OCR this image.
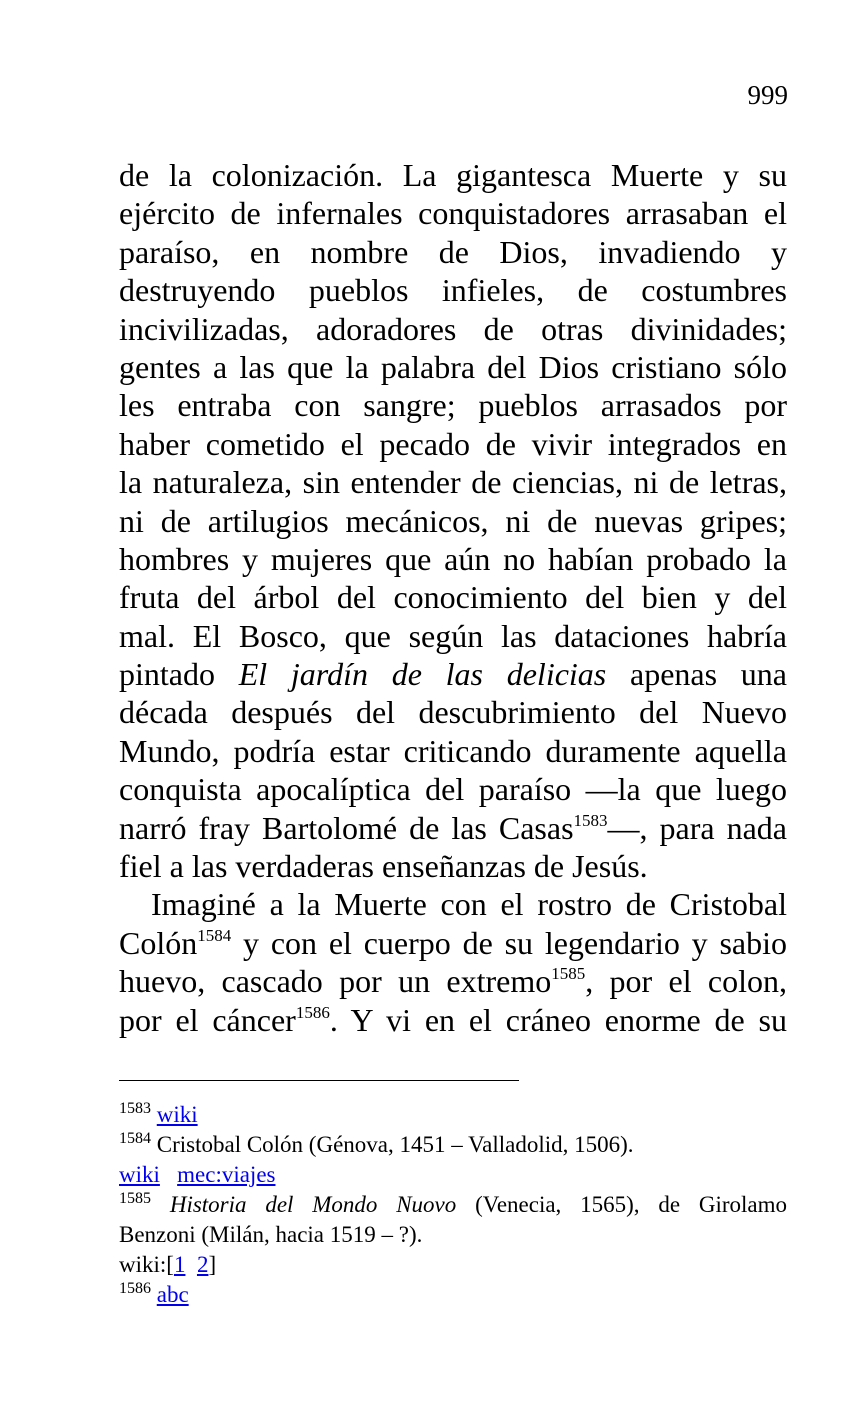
999
de la colonización. La gigantesca Muerte y su
ejército de infernales conquistadores arrasaban el
paraíso, en nombre de Dios, invadiendo y
destruyendo pueblos infieles, de costumbres
incivilizadas, adoradores de otras divinidades;
gentes a las que la palabra del Dios cristiano sólo
les entraba con sangre; pueblos arrasados por
haber cometido el pecado de vivir integrados en
la naturaleza, sin entender de ciencias, ni de letras,
ni de artilugios mecánicos, ni de nuevas gripes;
hombres y mujeres que aún no habían probado la
fruta del árbol del conocimiento del bien y del
mal. El Bosco, que según las dataciones habría
pintado El jardín de las delicias apenas una
década después del descubrimiento del Nuevo
Mundo, podría estar criticando duramente aquella
conquista apocalíptica del paraíso —la que luego
narró fray Bartolomé de las Casas$^{1583}$—, para nada
fiel a las verdaderas enseñanzas de Jesús.
Imaginé a la Muerte con el rostro de Cristobal
Colón$^{1584}$ y con el cuerpo de su legendario y sabio
huevo, cascado por un extremo$^{1585}$, por el colon,
por el cáncer$^{1586}$. Y vi en el cráneo enorme de su
$^{1583}$ wiki
$^{1584}$ Cristobal Colón (Génova, 1451 – Valladolid, 1506).
wiki mec:viajes
$^{1585}$ Historia del Mondo Nuovo (Venecia, 1565), de Girolamo
Benzoni (Milán, hacia 1519 – ?).
wiki:[1 2]
$^{1586}$ abc
